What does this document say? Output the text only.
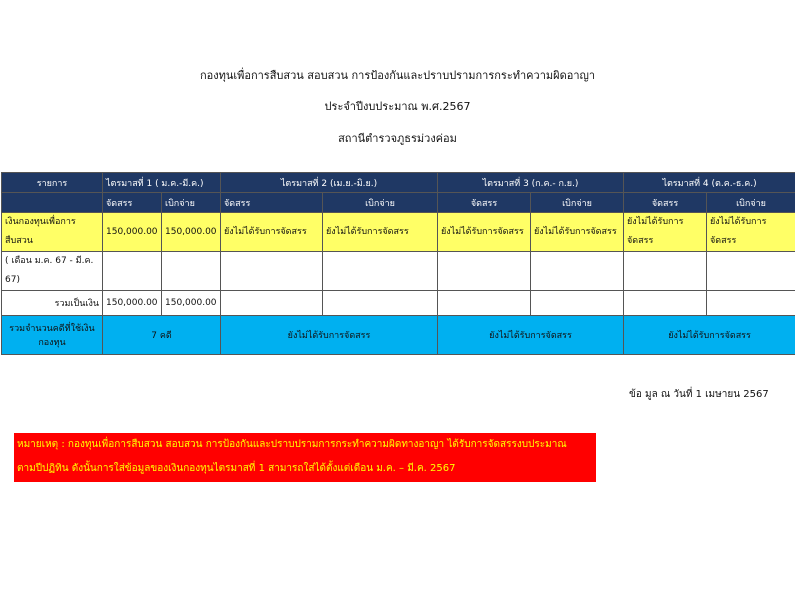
กองทุนเพื่อการสืบสวน สอบสวน การป้องกันและปราบปรามการกระทำความผิดอาญา
ประจำปีงบประมาณ พ.ศ.2567
สถานีตำรวจภูธรม่วงค่อม
รายการ	ไตรมาสที่ 1 ( ม.ค.-มี.ค.)		ไตรมาสที่ 2 (เม.ย.-มิ.ย.)		ไตรมาสที่ 3 (ก.ค.- ก.ย.)		ไตรมาสที่ 4 (ต.ค.-ธ.ค.)	
	จัดสรร	เบิกจ่าย	จัดสรร	เบิกจ่าย	จัดสรร	เบิกจ่าย	จัดสรร	เบิกจ่าย
เงินกองทุนเพื่อการสืบสวน	150,000.00	150,000.00	ยังไม่ได้รับการจัดสรร	ยังไม่ได้รับการจัดสรร	ยังไม่ได้รับการจัดสรร	ยังไม่ได้รับการจัดสรร	ยังไม่ได้รับการจัดสรร	ยังไม่ได้รับการจัดสรร
( เดือน ม.ค. 67 - มี.ค. 67)								
รวมเป็นเงิน	150,000.00	150,000.00						
รวมจำนวนคดีที่ใช้เงินกองทุน	7 คดี		ยังไม่ได้รับการจัดสรร		ยังไม่ได้รับการจัดสรร		ยังไม่ได้รับการจัดสรร	
ข้อ มูล ณ วันที่ 1 เมษายน 2567
หมายเหตุ : กองทุนเพื่อการสืบสวน สอบสวน การป้องกันและปราบปรามการกระทำความผิดทางอาญา ได้รับการจัดสรรงบประมาณ
ตามปีปฏิทิน ดังนั้นการใส่ข้อมูลของเงินกองทุนไตรมาสที่ 1 สามารถใส่ได้ตั้งแต่เดือน ม.ค. – มี.ค. 2567
